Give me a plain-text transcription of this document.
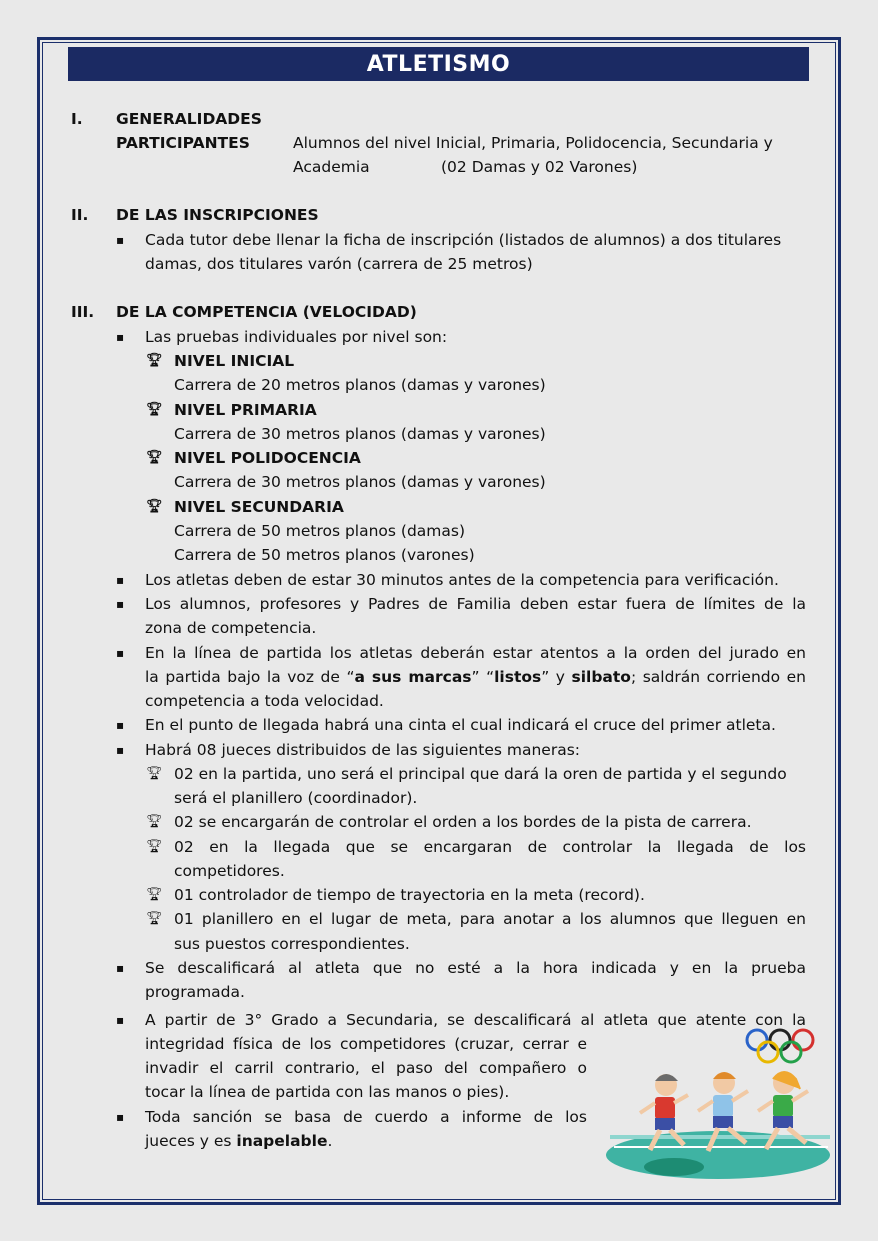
ATLETISMO
I. GENERALIDADES
PARTICIPANTES	Alumnos del nivel Inicial, Primaria, Polidocencia, Secundaria y
Academia	(02 Damas y 02 Varones)
II. DE LAS INSCRIPCIONES
▪ Cada tutor debe llenar la ficha de inscripción (listados de alumnos) a dos titulares
damas, dos titulares varón (carrera de 25 metros)
III. DE LA COMPETENCIA (VELOCIDAD)
▪ Las pruebas individuales por nivel son:
🏆︎ NIVEL INICIAL
Carrera de 20 metros planos (damas y varones)
🏆︎ NIVEL PRIMARIA
Carrera de 30 metros planos (damas y varones)
🏆︎ NIVEL POLIDOCENCIA
Carrera de 30 metros planos (damas y varones)
🏆︎ NIVEL SECUNDARIA
Carrera de 50 metros planos (damas)
Carrera de 50 metros planos (varones)
▪ Los atletas deben de estar 30 minutos antes de la competencia para verificación.
▪ Los alumnos, profesores y Padres de Familia deben estar fuera de límites de la
zona de competencia.
▪ En la línea de partida los atletas deberán estar atentos a la orden del jurado en
la partida bajo la voz de “a sus marcas” “listos” y silbato; saldrán corriendo en
competencia a toda velocidad.
▪ En el punto de llegada habrá una cinta el cual indicará el cruce del primer atleta.
▪ Habrá 08 jueces distribuidos de las siguientes maneras:
🏆︎ 02 en la partida, uno será el principal que dará la oren de partida y el segundo
será el planillero (coordinador).
🏆︎ 02 se encargarán de controlar el orden a los bordes de la pista de carrera.
🏆︎ 02 en la llegada que se encargaran de controlar la llegada de los
competidores.
🏆︎ 01 controlador de tiempo de trayectoria en la meta (record).
🏆︎ 01 planillero en el lugar de meta, para anotar a los alumnos que lleguen en
sus puestos correspondientes.
▪ Se descalificará al atleta que no esté a la hora indicada y en la prueba
programada.
▪ A partir de 3° Grado a Secundaria, se descalificará al atleta que atente con la
integridad física de los competidores (cruzar, cerrar e
invadir el carril contrario, el paso del compañero o
tocar la línea de partida con las manos o pies).
▪ Toda sanción se basa de cuerdo a informe de los
jueces y es inapelable.
